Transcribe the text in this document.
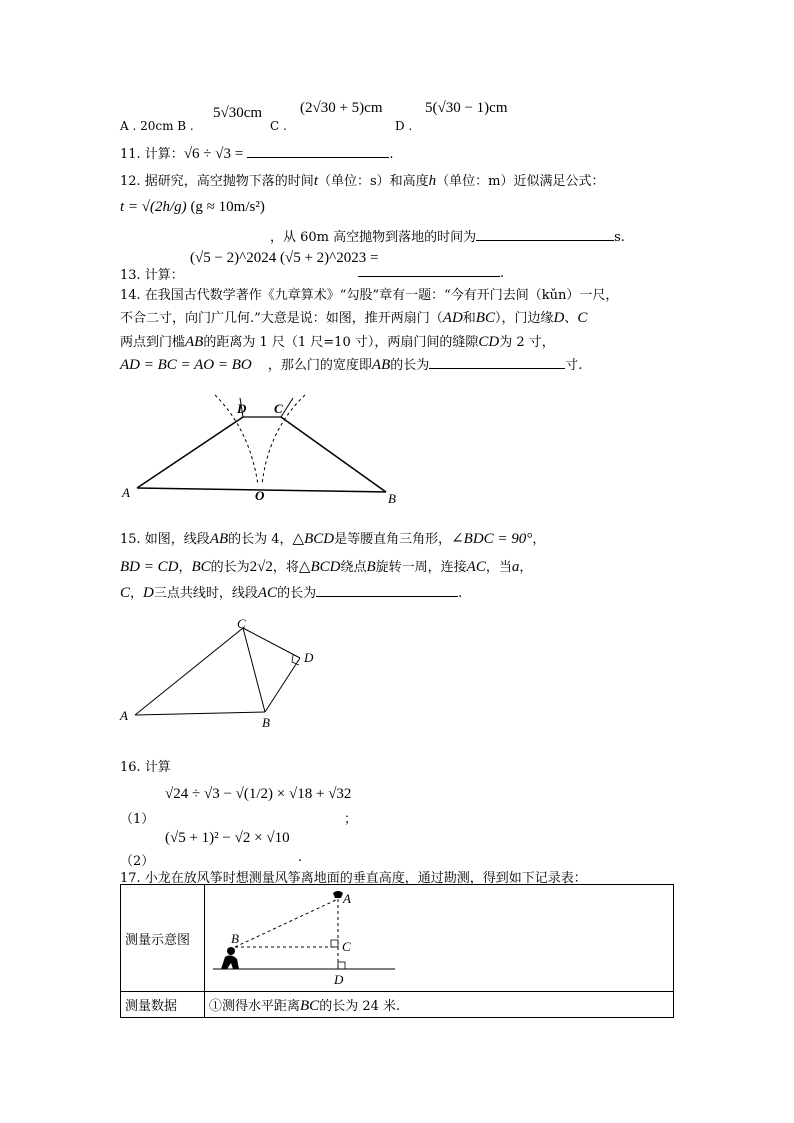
A . 20cm B .
5√30cm
C .
(2√30 + 5)cm
D .
5(√30 − 1)cm
11. 计算：√6 ÷ √3 =	.
12. 据研究，高空抛物下落的时间t（单位：s）和高度h（单位：m）近似满足公式：
t = √(2h/g) (g ≈ 10m/s²)
，从 60m 高空抛物到落地的时间为	s.
13. 计算：
(√5 − 2)^2024 (√5 + 2)^2023 =
.
14. 在我国古代数学著作《九章算术》“勾股”章有一题：“今有开门去间（kǔn）一尺，
不合二寸，向门广几何.”大意是说：如图，推开两扇门（AD和BC），门边缘D、C
两点到门槛AB的距离为 1 尺（1 尺=10 寸），两扇门间的缝隙CD为 2 寸，
AD = BC = AO = BO ，那么门的宽度即AB的长为	寸.
A	B
D C
O
15. 如图，线段AB的长为 4，△BCD是等腰直角三角形，∠BDC = 90°，
BD = CD，BC的长为2√2，将△BCD绕点B旋转一周，连接AC，当a，
C，D三点共线时，线段AC的长为	.
A	B
C
D
16. 计算
√24 ÷ √3 − √(1/2) × √18 + √32
（1）	；
(√5 + 1)² − √2 × √10
（2）	.
17. 小龙在放风筝时想测量风筝离地面的垂直高度，通过勘测，得到如下记录表：
测量示意图	A
B
C
D

测量数据	①测得水平距离BC的长为 24 米.
